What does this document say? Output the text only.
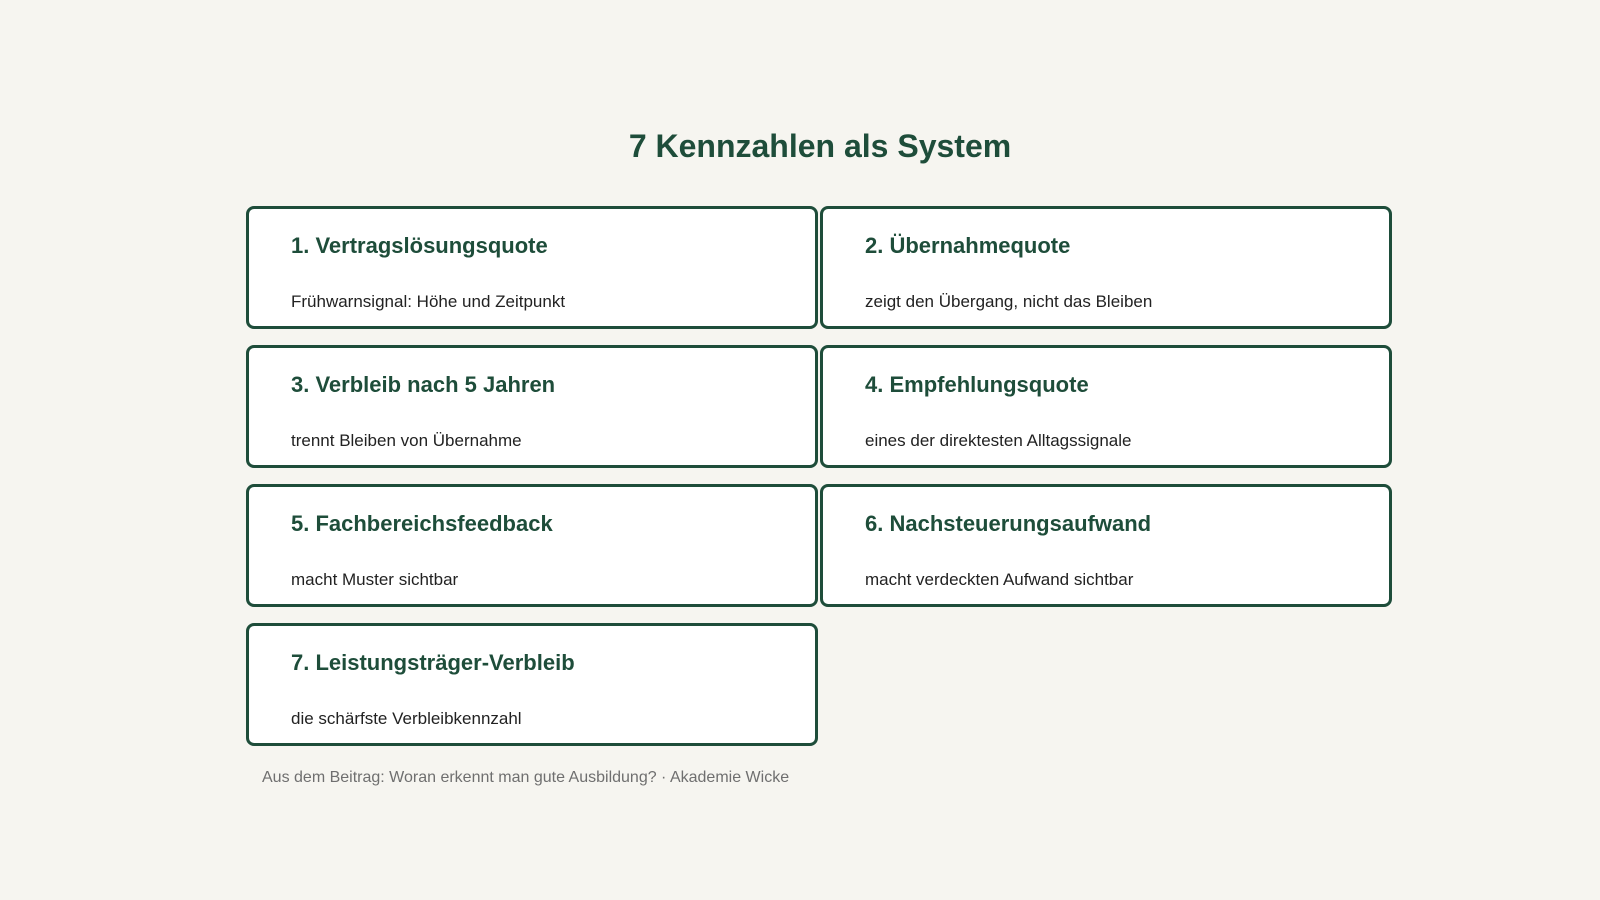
7 Kennzahlen als System
1. Vertragslösungsquote
Frühwarnsignal: Höhe und Zeitpunkt
2. Übernahmequote
zeigt den Übergang, nicht das Bleiben
3. Verbleib nach 5 Jahren
trennt Bleiben von Übernahme
4. Empfehlungsquote
eines der direktesten Alltagssignale
5. Fachbereichsfeedback
macht Muster sichtbar
6. Nachsteuerungsaufwand
macht verdeckten Aufwand sichtbar
7. Leistungsträger-Verbleib
die schärfste Verbleibkennzahl
Aus dem Beitrag: Woran erkennt man gute Ausbildung? · Akademie Wicke
